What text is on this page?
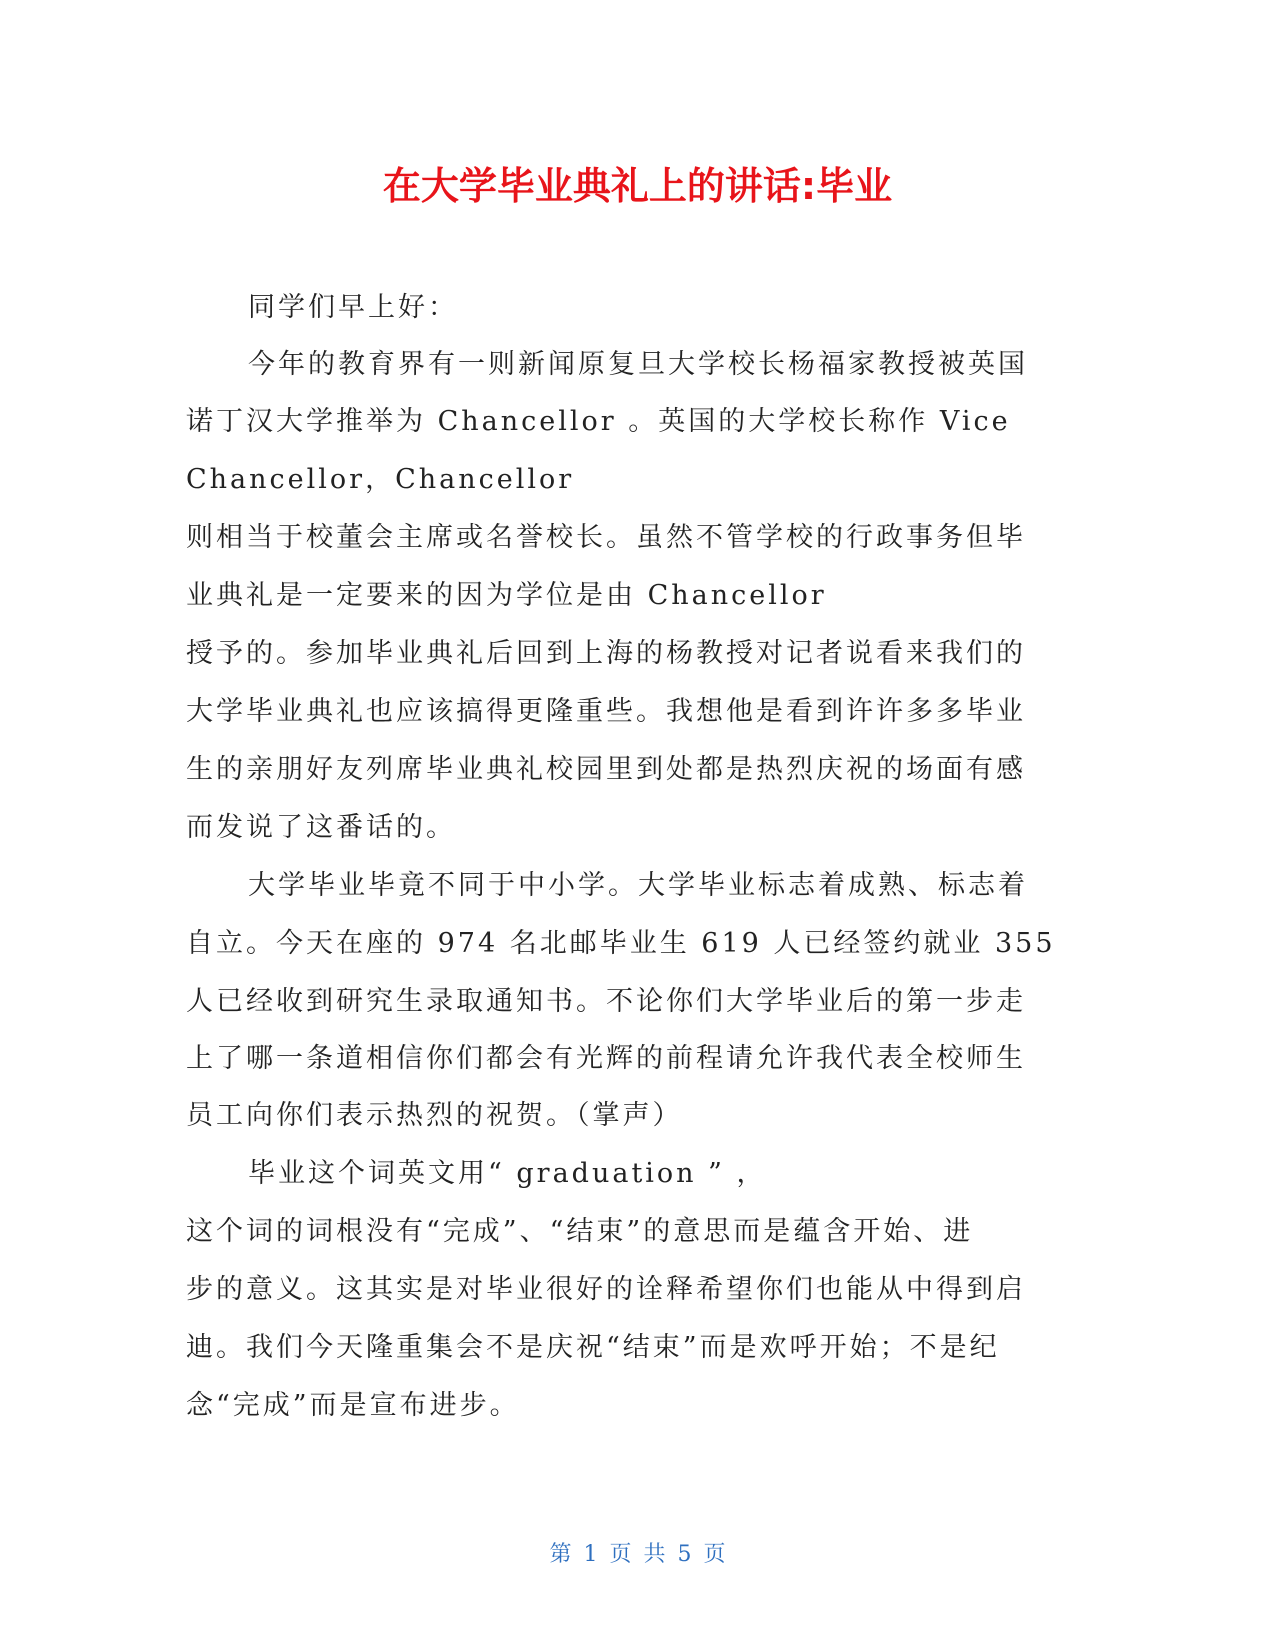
在大学毕业典礼上的讲话:毕业

同学们早上好：

今年的教育界有一则新闻原复旦大学校长杨福家教授被英国

诺丁汉大学推举为 Chancellor 。英国的大学校长称作 Vice

Chancellor，Chancellor

则相当于校董会主席或名誉校长。虽然不管学校的行政事务但毕

业典礼是一定要来的因为学位是由 Chancellor

授予的。参加毕业典礼后回到上海的杨教授对记者说看来我们的

大学毕业典礼也应该搞得更隆重些。我想他是看到许许多多毕业

生的亲朋好友列席毕业典礼校园里到处都是热烈庆祝的场面有感

而发说了这番话的。

大学毕业毕竟不同于中小学。大学毕业标志着成熟、标志着

自立。今天在座的 974 名北邮毕业生 619 人已经签约就业 355

人已经收到研究生录取通知书。不论你们大学毕业后的第一步走

上了哪一条道相信你们都会有光辉的前程请允许我代表全校师生

员工向你们表示热烈的祝贺。（掌声）

毕业这个词英文用“ graduation ” ，

这个词的词根没有“完成”、“结束”的意思而是蕴含开始、进

步的意义。这其实是对毕业很好的诠释希望你们也能从中得到启

迪。我们今天隆重集会不是庆祝“结束”而是欢呼开始；不是纪

念“完成”而是宣布进步。

第 1 页 共 5 页
